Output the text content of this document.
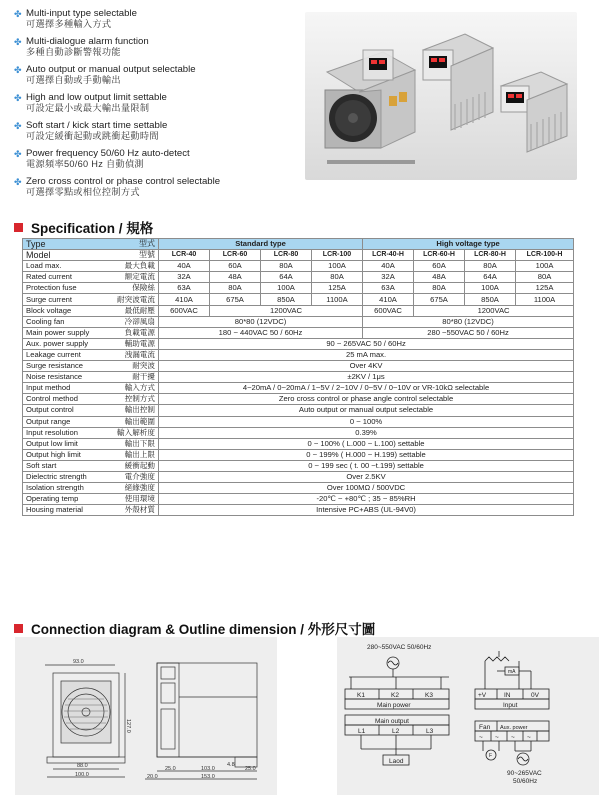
✤ Multi-input type selectable
可選擇多種輸入方式
✤ Multi-dialogue alarm function
多種自動診斷警報功能
✤ Auto output or manual output selectable
可選擇自動或手動輸出
✤ High and low output limit settable
可設定最小或最大輸出量限制
✤ Soft start / kick start time settable
可設定緩衝起動或跳衝起動時間
✤ Power frequency 50/60 Hz auto-detect
電源頻率50/60 Hz 自動偵測
✤ Zero cross control or phase control selectable
可選擇零點或相位控制方式
Specification / 規格
Type	型式	Standard type				High voltage type			
Model	型號	LCR-40	LCR-60	LCR-80	LCR-100	LCR-40-H	LCR-60-H	LCR-80-H	LCR-100-H
Load max.	最大負載	40A	60A	80A	100A	40A	60A	80A	100A
Rated current	額定電流	32A	48A	64A	80A	32A	48A	64A	80A
Protection fuse	保險絲	63A	80A	100A	125A	63A	80A	100A	125A
Surge current	耐突波電流	410A	675A	850A	1100A	410A	675A	850A	1100A
Block voltage	最低耐壓	600VAC	1200VAC			600VAC	1200VAC		
Cooling fan	冷卻風扇	80*80 (12VDC)				80*80 (12VDC)			
Main power supply	負載電源	180 ~ 440VAC 50 / 60Hz				280 ~550VAC 50 / 60Hz			
Aux. power supply	輔助電源	90 ~ 265VAC 50 / 60Hz							
Leakage current	洩漏電流	25 mA max.							
Surge resistance	耐突波	Over 4KV							
Noise resistance	耐干擾	±2KV / 1μs							
Input method	輸入方式	4~20mA / 0~20mA / 1~5V / 2~10V / 0~5V / 0~10V or VR-10kΩ selectable							
Control method	控制方式	Zero cross control or phase angle control selectable							
Output control	輸出控制	Auto output or manual output selectable							
Output range	輸出範圍	0 ~ 100%							
Input resolution	輸入解析度	0.39%							
Output low limit	輸出下限	0 ~ 100% ( L.000 ~ L.100) settable							
Output high limit	輸出上限	0 ~ 199% ( H.000 ~ H.199) settable							
Soft start	緩衝起動	0 ~ 199 sec ( t. 00 ~t.199) settable							
Dielectric strength	電介強度	Over 2.5KV							
Isolation strength	絕緣強度	Over 100MΩ / 500VDC							
Operating temp	使用環境	-20℃ ~ +80℃ ; 35 ~ 85%RH							
Housing material	外殼材質	Intensive PC+ABS (UL-94V0)							
Connection diagram & Outline dimension / 外形尺寸圖
93.0
127.0
88.0
100.0
4.8
25.0	103.0	25.0
20.0	153.0
280~550VAC 50/60Hz
K1	K2	K3
Main power
Main output
L1	L2	L3
Laod
mA
+V	IN	0V
Input
Fan Aux. power
~ ~ ~ ~
F
90~265VAC
50/60Hz
